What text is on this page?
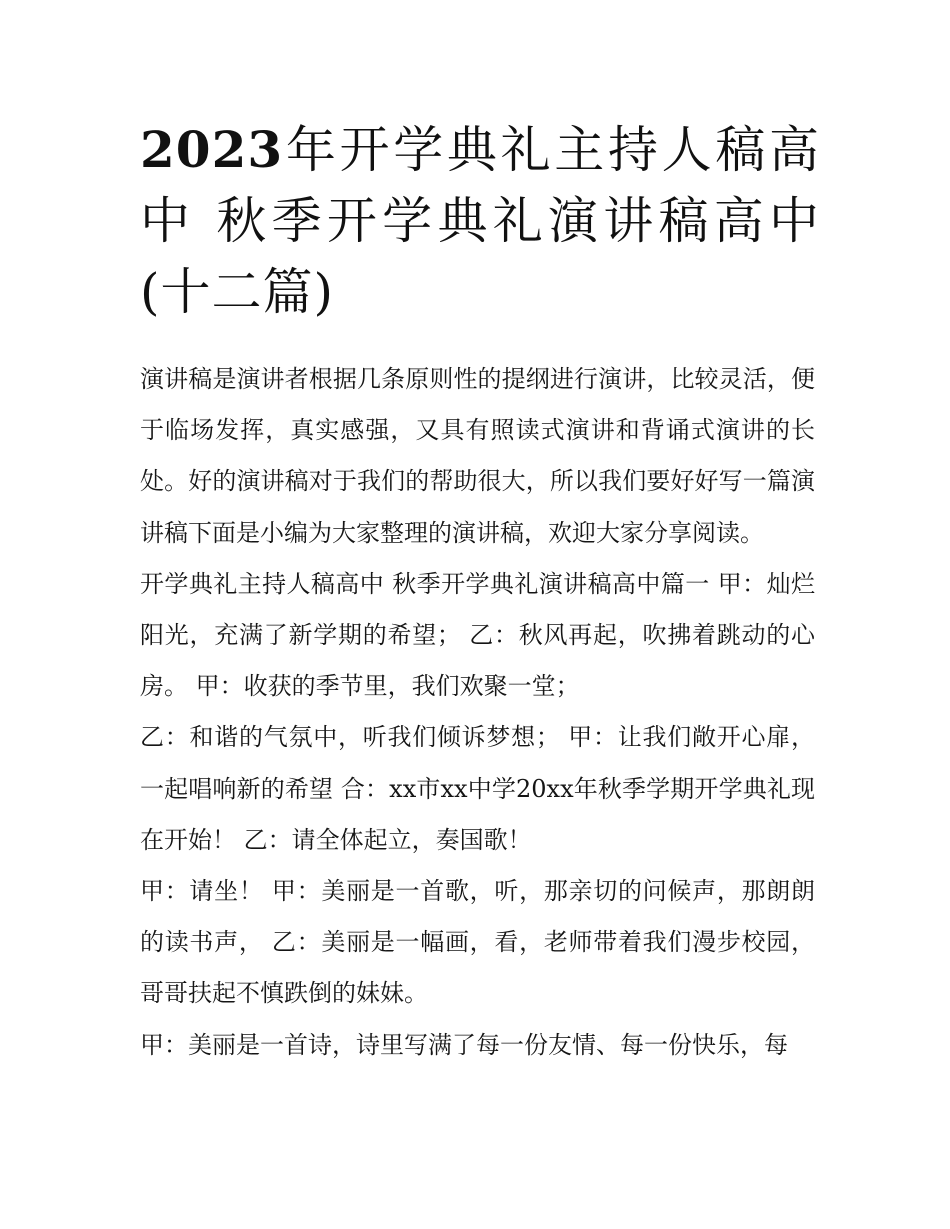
2023年开学典礼主持人稿高中 秋季开学典礼演讲稿高中(十二篇)

演讲稿是演讲者根据几条原则性的提纲进行演讲，比较灵活，便于临场发挥，真实感强，又具有照读式演讲和背诵式演讲的长处。好的演讲稿对于我们的帮助很大，所以我们要好好写一篇演讲稿下面是小编为大家整理的演讲稿，欢迎大家分享阅读。

开学典礼主持人稿高中 秋季开学典礼演讲稿高中篇一 甲：灿烂阳光，充满了新学期的希望； 乙：秋风再起，吹拂着跳动的心房。 甲：收获的季节里，我们欢聚一堂；

乙：和谐的气氛中，听我们倾诉梦想； 甲：让我们敞开心扉，一起唱响新的希望 合：xx市xx中学20xx年秋季学期开学典礼现在开始！ 乙：请全体起立，奏国歌！

甲：请坐！ 甲：美丽是一首歌，听，那亲切的问候声，那朗朗的读书声， 乙：美丽是一幅画，看，老师带着我们漫步校园，哥哥扶起不慎跌倒的妹妹。

甲：美丽是一首诗，诗里写满了每一份友情、每一份快乐，每
